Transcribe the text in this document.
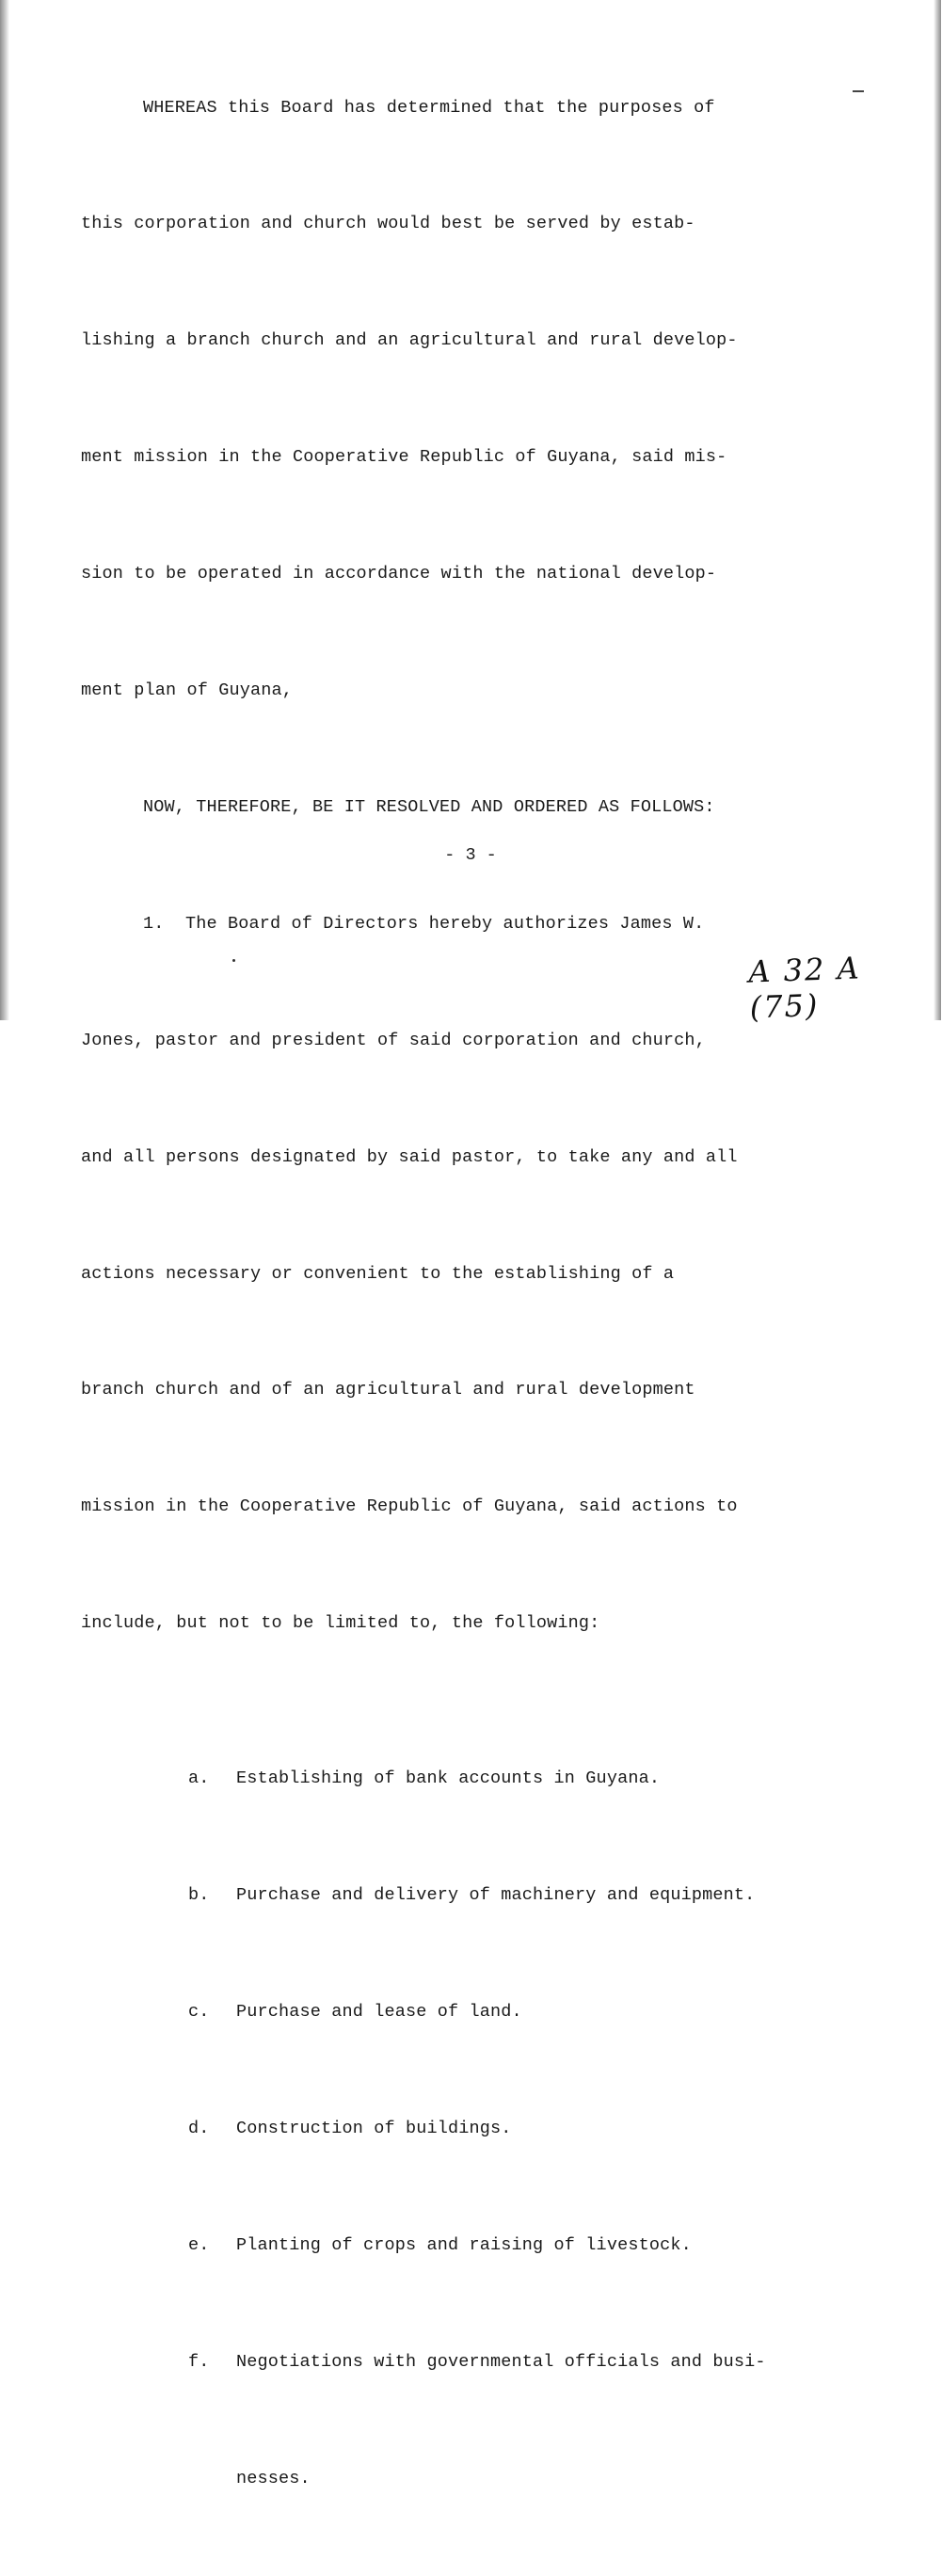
WHEREAS this Board has determined that the purposes of

this corporation and church would best be served by estab-

lishing a branch church and an agricultural and rural develop-

ment mission in the Cooperative Republic of Guyana, said mis-

sion to be operated in accordance with the national develop-

ment plan of Guyana,

NOW, THEREFORE, BE IT RESOLVED AND ORDERED AS FOLLOWS:

1.  The Board of Directors hereby authorizes James W.

Jones, pastor and president of said corporation and church,

and all persons designated by said pastor, to take any and all

actions necessary or convenient to the establishing of a

branch church and of an agricultural and rural development

mission in the Cooperative Republic of Guyana, said actions to

include, but not to be limited to, the following:

a. Establishing of bank accounts in Guyana.

b. Purchase and delivery of machinery and equipment.

c. Purchase and lease of land.

d. Construction of buildings.

e. Planting of crops and raising of livestock.

f. Negotiations with governmental officials and busi-

nesses.

- 3 -
A 32 A (75)
